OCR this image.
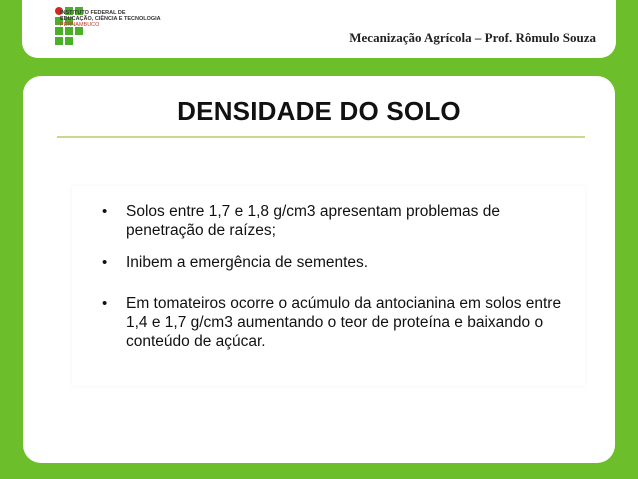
INSTITUTO FEDERAL DE
EDUCAÇÃO, CIÊNCIA E TECNOLOGIA
PERNAMBUCO
Mecanização Agrícola – Prof. Rômulo Souza
DENSIDADE DO SOLO
• Solos entre 1,7 e 1,8 g/cm3 apresentam problemas de penetração de raízes;
• Inibem a emergência de sementes.
• Em tomateiros ocorre o acúmulo da antocianina em solos entre 1,4 e 1,7 g/cm3 aumentando o teor de proteína e baixando o conteúdo de açúcar.
